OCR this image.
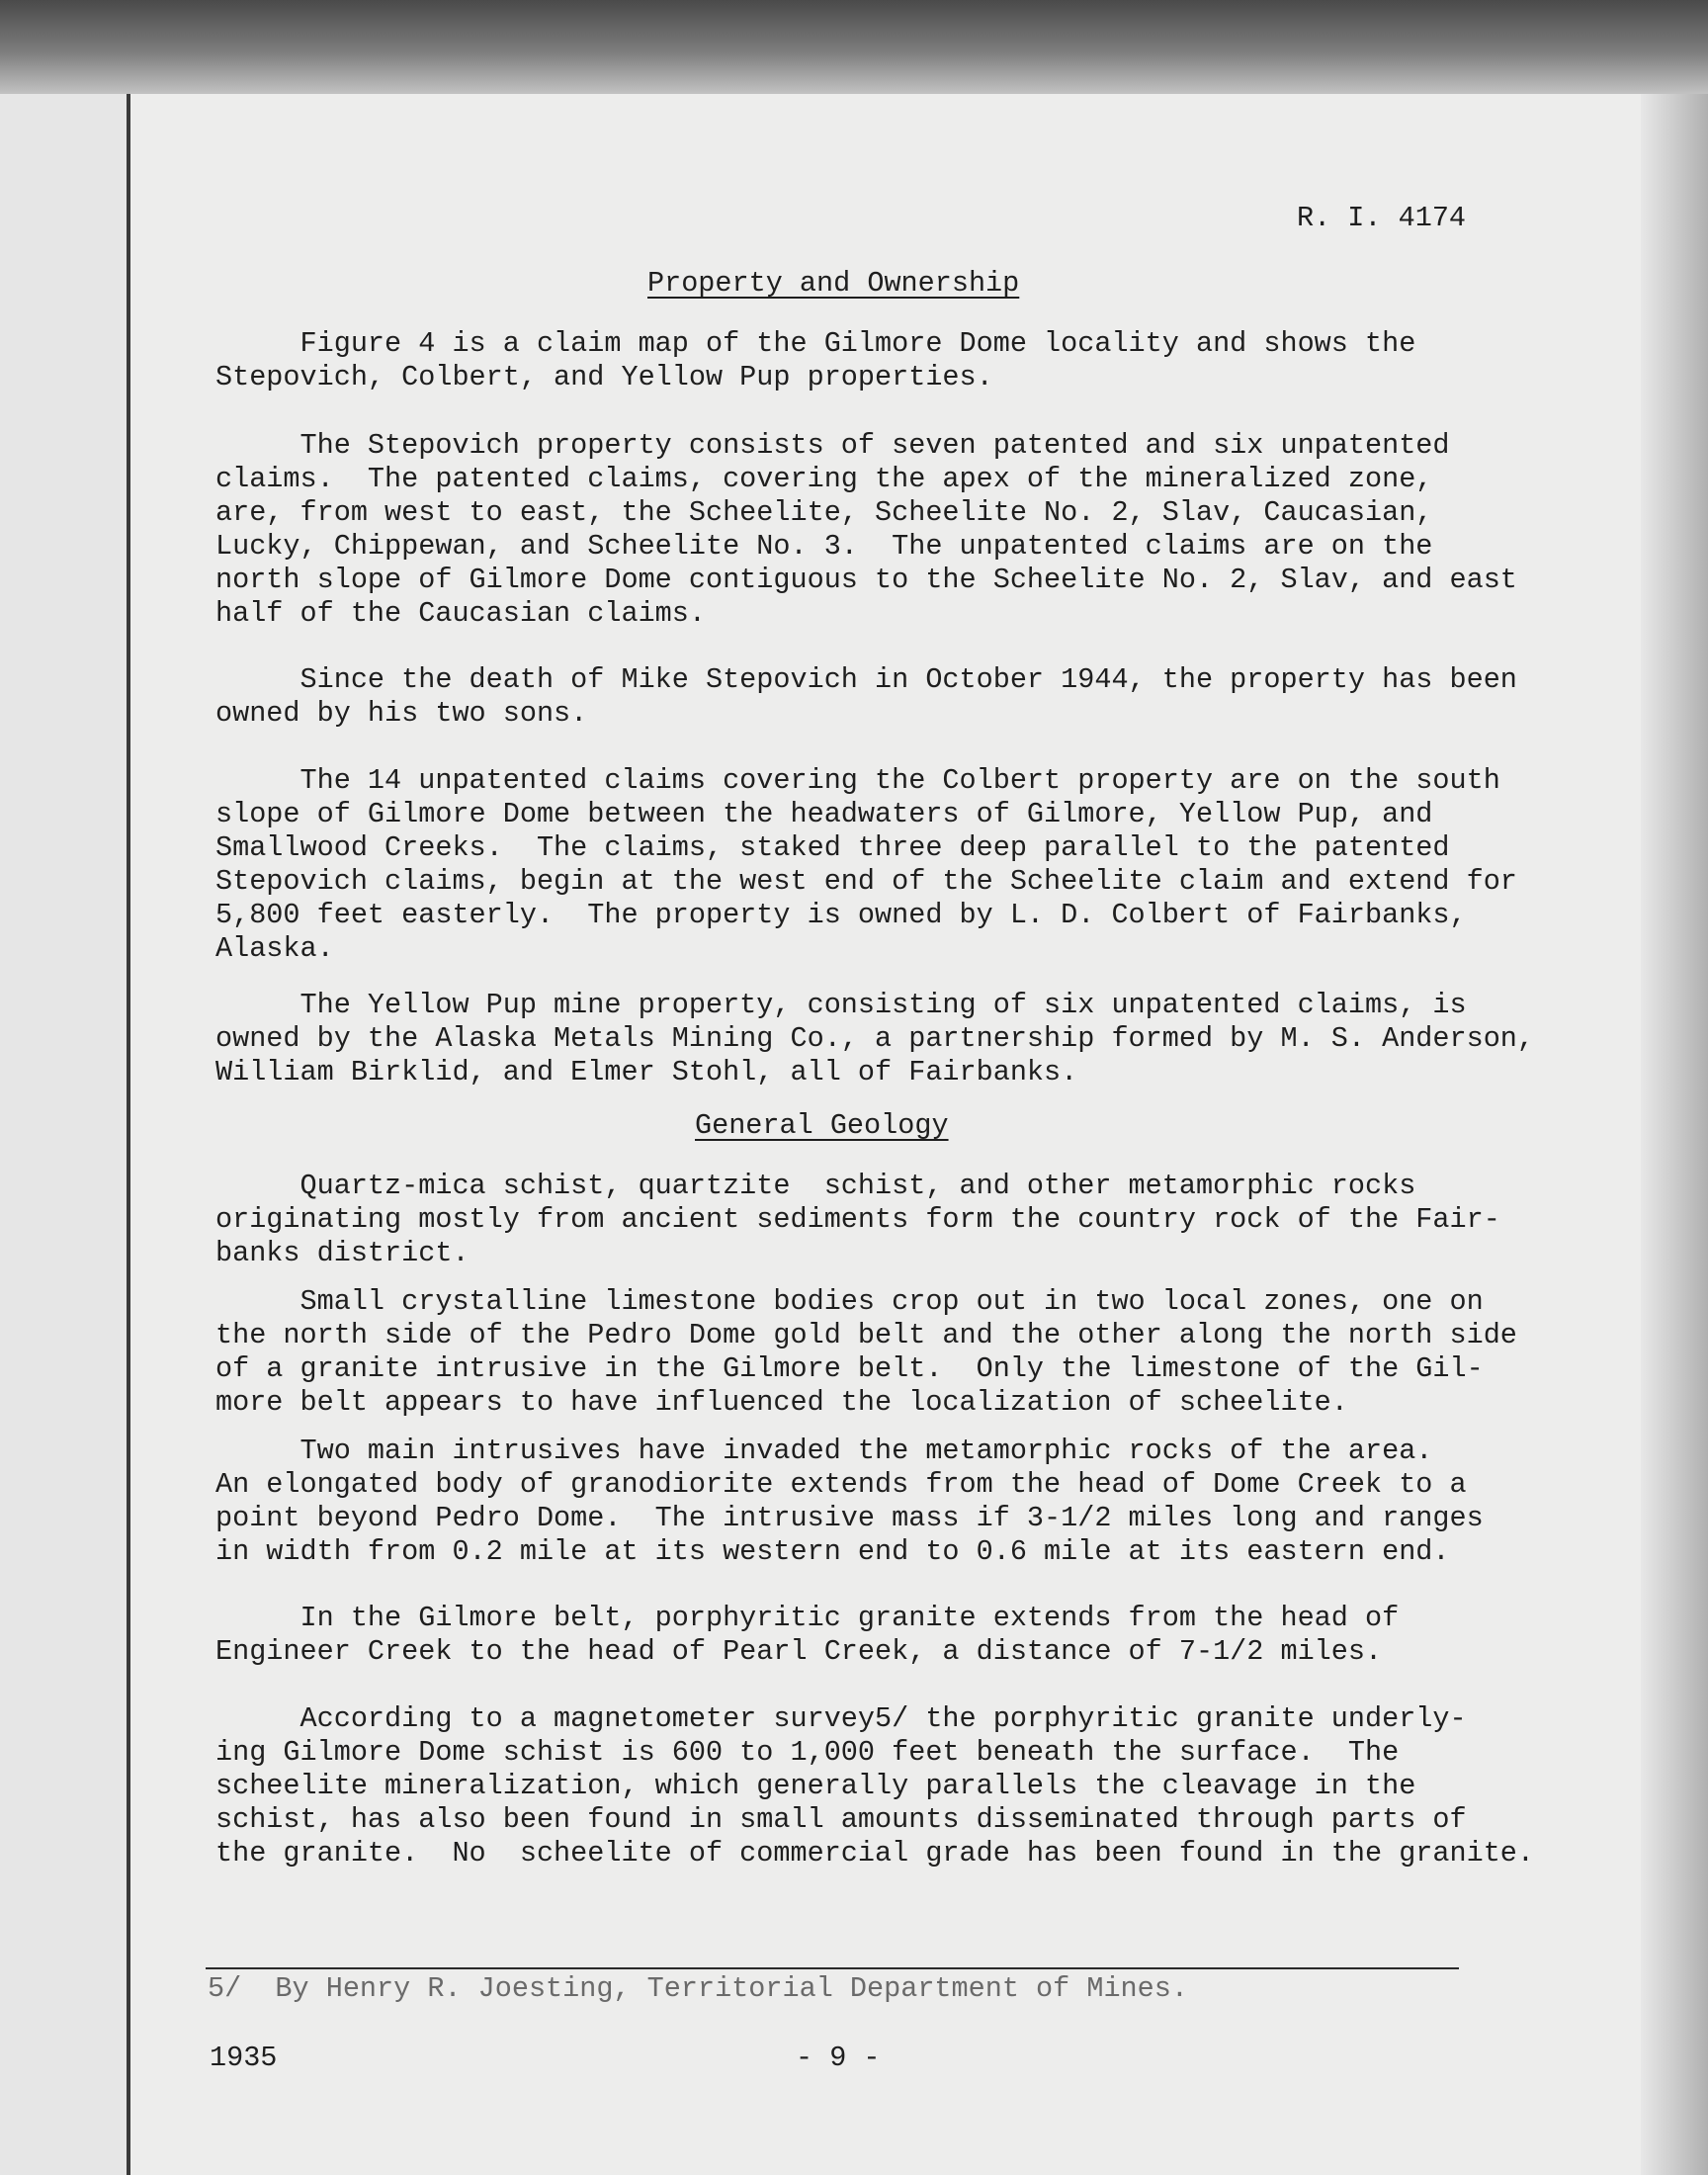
R. I. 4174
Property and Ownership
Figure 4 is a claim map of the Gilmore Dome locality and shows the
Stepovich, Colbert, and Yellow Pup properties.
The Stepovich property consists of seven patented and six unpatented
claims.  The patented claims, covering the apex of the mineralized zone,
are, from west to east, the Scheelite, Scheelite No. 2, Slav, Caucasian,
Lucky, Chippewan, and Scheelite No. 3.  The unpatented claims are on the
north slope of Gilmore Dome contiguous to the Scheelite No. 2, Slav, and east
half of the Caucasian claims.
Since the death of Mike Stepovich in October 1944, the property has been
owned by his two sons.
The 14 unpatented claims covering the Colbert property are on the south
slope of Gilmore Dome between the headwaters of Gilmore, Yellow Pup, and
Smallwood Creeks.  The claims, staked three deep parallel to the patented
Stepovich claims, begin at the west end of the Scheelite claim and extend for
5,800 feet easterly.  The property is owned by L. D. Colbert of Fairbanks,
Alaska.
The Yellow Pup mine property, consisting of six unpatented claims, is
owned by the Alaska Metals Mining Co., a partnership formed by M. S. Anderson,
William Birklid, and Elmer Stohl, all of Fairbanks.
General Geology
Quartz-mica schist, quartzite  schist, and other metamorphic rocks
originating mostly from ancient sediments form the country rock of the Fair-
banks district.
Small crystalline limestone bodies crop out in two local zones, one on
the north side of the Pedro Dome gold belt and the other along the north side
of a granite intrusive in the Gilmore belt.  Only the limestone of the Gil-
more belt appears to have influenced the localization of scheelite.
Two main intrusives have invaded the metamorphic rocks of the area.
An elongated body of granodiorite extends from the head of Dome Creek to a
point beyond Pedro Dome.  The intrusive mass if 3-1/2 miles long and ranges
in width from 0.2 mile at its western end to 0.6 mile at its eastern end.
In the Gilmore belt, porphyritic granite extends from the head of
Engineer Creek to the head of Pearl Creek, a distance of 7-1/2 miles.
According to a magnetometer survey5/ the porphyritic granite underly-
ing Gilmore Dome schist is 600 to 1,000 feet beneath the surface.  The
scheelite mineralization, which generally parallels the cleavage in the
schist, has also been found in small amounts disseminated through parts of
the granite.  No  scheelite of commercial grade has been found in the granite.
5/  By Henry R. Joesting, Territorial Department of Mines.
1935	- 9 -
